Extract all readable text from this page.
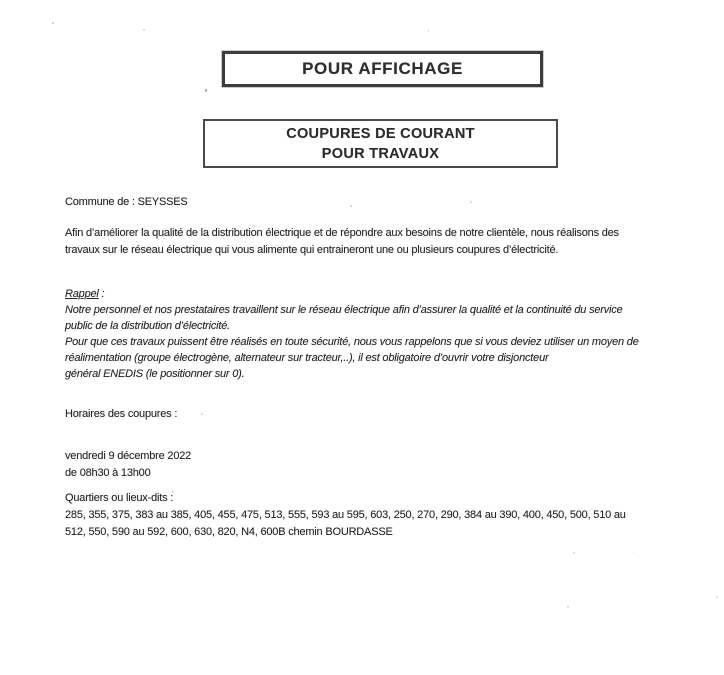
POUR AFFICHAGE
COUPURES DE COURANT
POUR TRAVAUX
Commune de : SEYSSES
Afin d’améliorer la qualité de la distribution électrique et de répondre aux besoins de notre clientèle, nous réalisons des
travaux sur le réseau électrique qui vous alimente qui entraineront une ou plusieurs coupures d’électricité.
Rappel :
Notre personnel et nos prestataires travaillent sur le réseau électrique afin d’assurer la qualité et la continuité du service
public de la distribution d’électricité.
Pour que ces travaux puissent être réalisés en toute sécurité, nous vous rappelons que si vous deviez utiliser un moyen de
réalimentation (groupe électrogène, alternateur sur tracteur,..), il est obligatoire d’ouvrir votre disjoncteur
général ENEDIS (le positionner sur 0).
Horaires des coupures :
vendredi 9 décembre 2022
de 08h30 à 13h00
Quartiers ou lieux-dits :
285, 355, 375, 383 au 385, 405, 455, 475, 513, 555, 593 au 595, 603, 250, 270, 290, 384 au 390, 400, 450, 500, 510 au
512, 550, 590 au 592, 600, 630, 820, N4, 600B chemin BOURDASSE
